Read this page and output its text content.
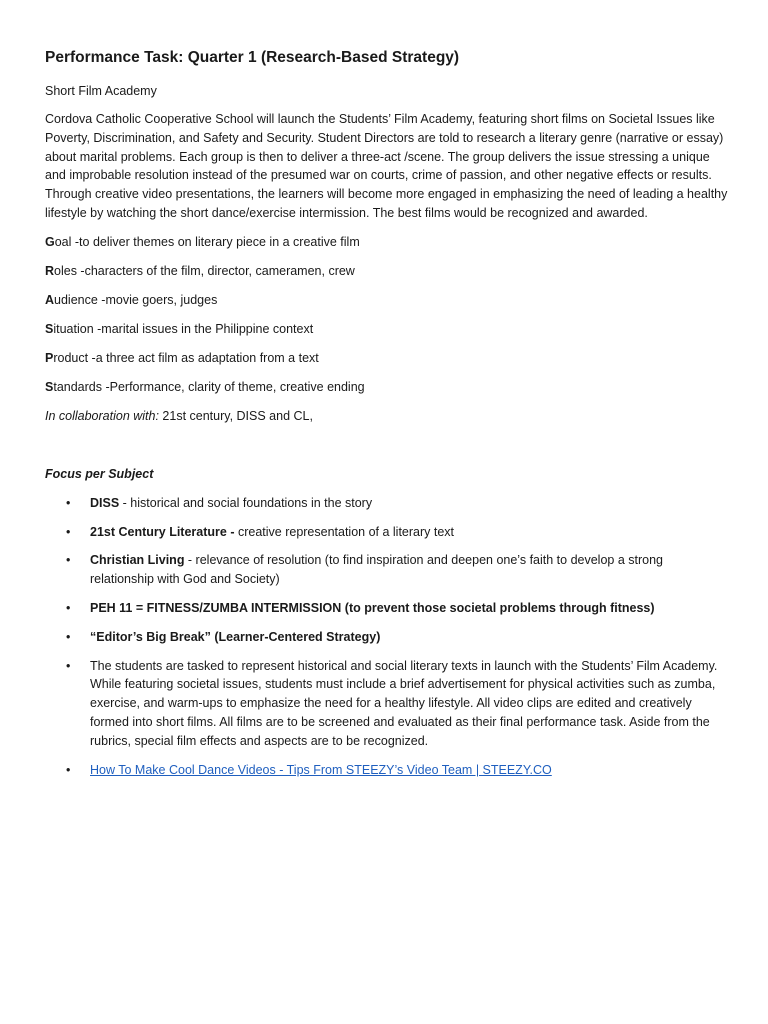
Performance Task: Quarter 1 (Research-Based Strategy)
Short Film Academy
Cordova Catholic Cooperative School will launch the Students’ Film Academy, featuring short films on Societal Issues like Poverty, Discrimination, and Safety and Security. Student Directors are told to research a literary genre (narrative or essay) about marital problems. Each group is then to deliver a three-act /scene. The group delivers the issue stressing a unique and improbable resolution instead of the presumed war on courts, crime of passion, and other negative effects or results. Through creative video presentations, the learners will become more engaged in emphasizing the need of leading a healthy lifestyle by watching the short dance/exercise intermission. The best films would be recognized and awarded.

Goal -to deliver themes on literary piece in a creative film

Roles -characters of the film, director, cameramen, crew

Audience -movie goers, judges

Situation -marital issues in the Philippine context

Product -a three act film as adaptation from a text

Standards -Performance, clarity of theme, creative ending

In collaboration with: 21st century, DISS and CL,
Focus per Subject
• DISS - historical and social foundations in the story
• 21st Century Literature - creative representation of a literary text
• Christian Living - relevance of resolution (to find inspiration and deepen one’s faith to develop a strong relationship with God and Society)
• PEH 11 = FITNESS/ZUMBA INTERMISSION (to prevent those societal problems through fitness)
• “Editor’s Big Break” (Learner-Centered Strategy)
• The students are tasked to represent historical and social literary texts in launch with the Students’ Film Academy. While featuring societal issues, students must include a brief advertisement for physical activities such as zumba, exercise, and warm-ups to emphasize the need for a healthy lifestyle. All video clips are edited and creatively formed into short films. All films are to be screened and evaluated as their final performance task. Aside from the rubrics, special film effects and aspects are to be recognized.
• How To Make Cool Dance Videos - Tips From STEEZY’s Video Team | STEEZY.CO
